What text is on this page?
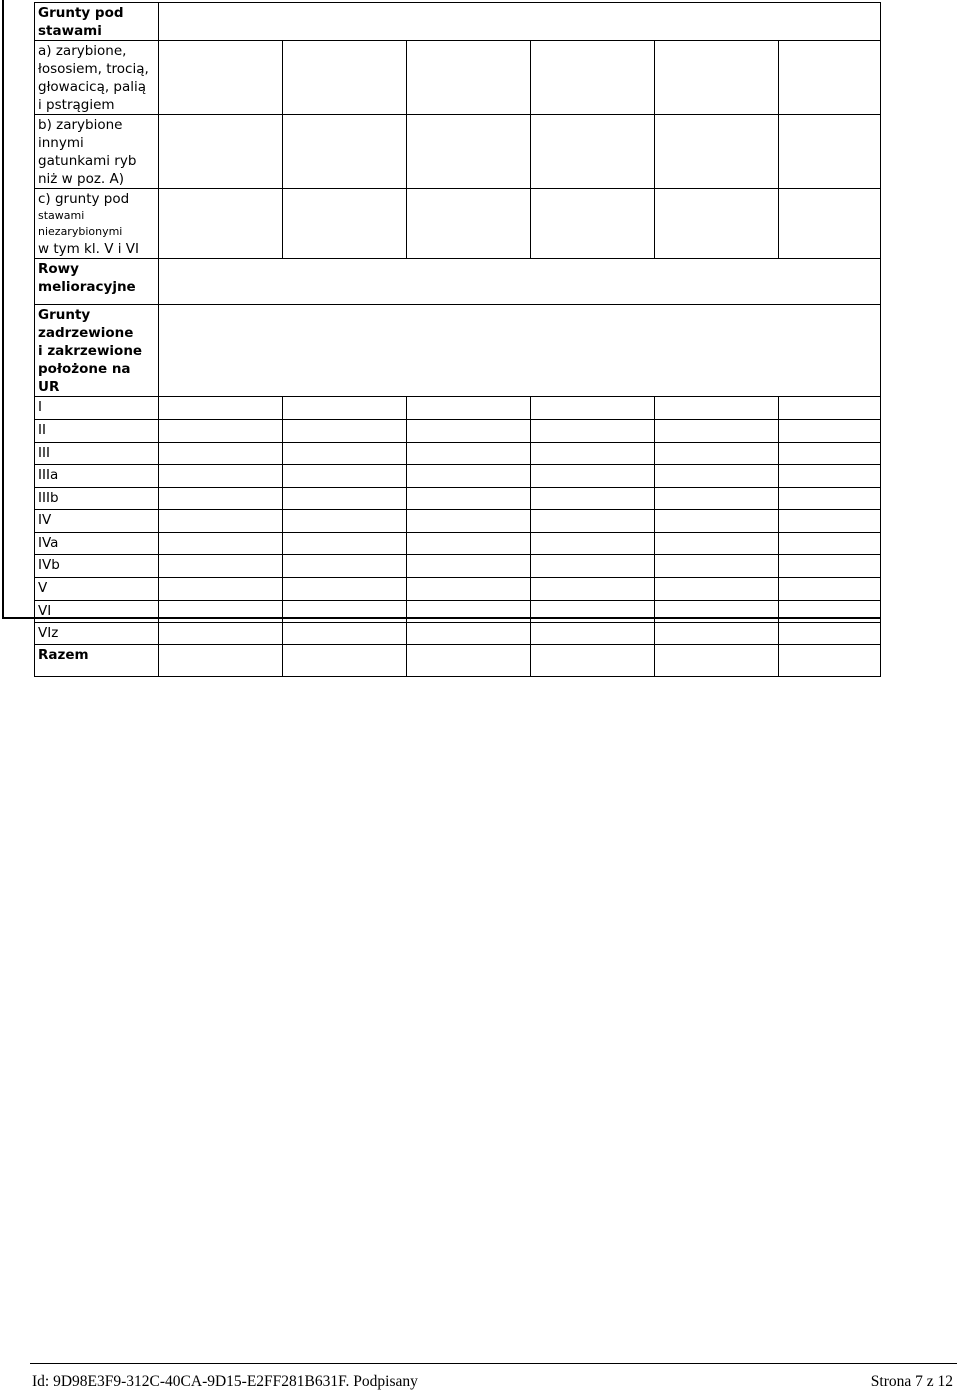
Grunty pod
stawami						

a) zarybione,
łososiem, trocią,
głowacicą, palią
i pstrągiem						

b) zarybione
innymi
gatunkami ryb
niż w poz. A)						

c) grunty pod
stawami niezarybionymi
w tym kl. V i VI						

Rowy
melioracyjne						

Grunty zadrzewione
i zakrzewione
położone na UR						

I						

II						

III						

IIIa						

IIIb						

IV						

IVa						

IVb						

V						

VI						

VIz						

Razem						

Id: 9D98E3F9-312C-40CA-9D15-E2FF281B631F. Podpisany	Strona 7 z 12
